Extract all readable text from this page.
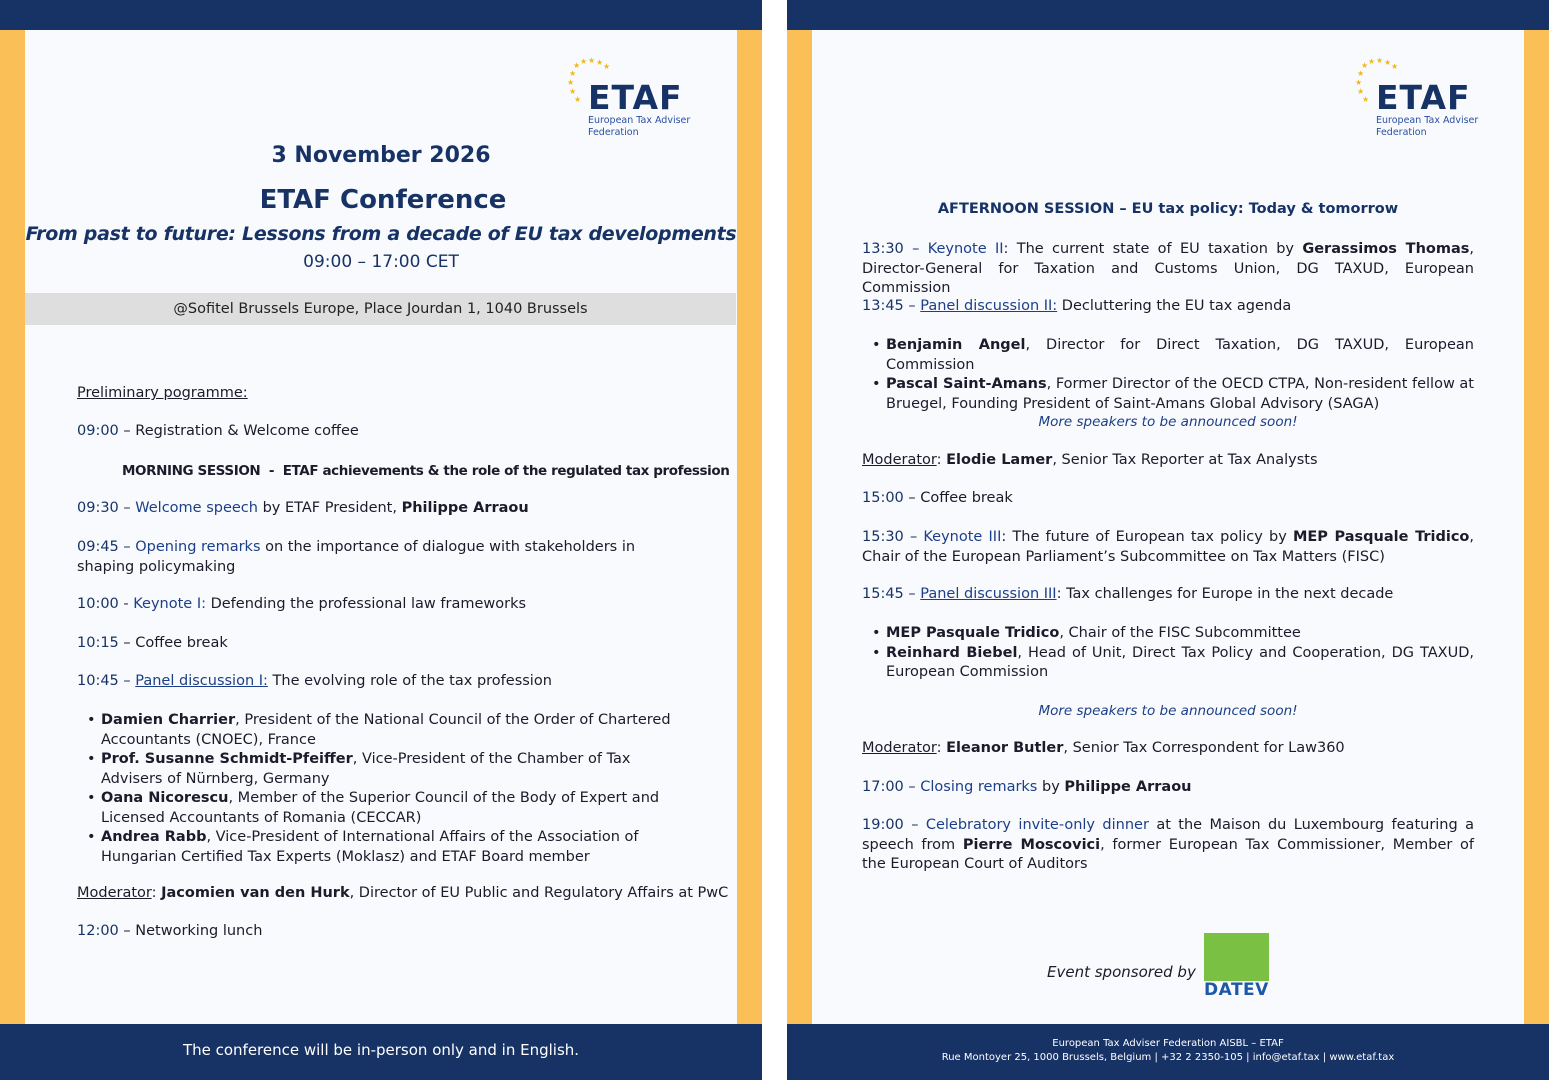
★ ★ ★
★
★
★
★
★
★
ETAF
European Tax Adviser
Federation
3 November 2026
ETAF Conference
From past to future: Lessons from a decade of EU tax developments
09:00 – 17:00 CET
@Sofitel Brussels Europe, Place Jourdan 1, 1040 Brussels
Preliminary pogramme:
09:00 – Registration & Welcome coffee
MORNING SESSION  -  ETAF achievements & the role of the regulated tax profession
09:30 – Welcome speech by ETAF President, Philippe Arraou
09:45 – Opening remarks on the importance of dialogue with stakeholders in shaping policymaking
10:00 - Keynote I: Defending the professional law frameworks
10:15 – Coffee break
10:45 – Panel discussion I: The evolving role of the tax profession
• Damien Charrier, President of the National Council of the Order of Chartered Accountants (CNOEC), France
• Prof. Susanne Schmidt-Pfeiffer, Vice-President of the Chamber of Tax Advisers of Nürnberg, Germany
• Oana Nicorescu, Member of the Superior Council of the Body of Expert and Licensed Accountants of Romania (CECCAR)
• Andrea Rabb, Vice-President of International Affairs of the Association of Hungarian Certified Tax Experts (Moklasz) and ETAF Board member
Moderator: Jacomien van den Hurk, Director of EU Public and Regulatory Affairs at PwC
12:00 – Networking lunch
The conference will be in-person only and in English.
★ ★ ★
★
★
★
★
★
★
ETAF
European Tax Adviser
Federation
AFTERNOON SESSION – EU tax policy: Today & tomorrow
13:30 – Keynote II: The current state of EU taxation by Gerassimos Thomas, Director-General for Taxation and Customs Union, DG TAXUD, European Commission
13:45 – Panel discussion II: Decluttering the EU tax agenda
• Benjamin Angel, Director for Direct Taxation, DG TAXUD, European Commission
• Pascal Saint-Amans, Former Director of the OECD CTPA, Non-resident fellow at Bruegel, Founding President of Saint-Amans Global Advisory (SAGA)
More speakers to be announced soon!
Moderator: Elodie Lamer, Senior Tax Reporter at Tax Analysts
15:00 – Coffee break
15:30 – Keynote III: The future of European tax policy by MEP Pasquale Tridico, Chair of the European Parliament’s Subcommittee on Tax Matters (FISC)
15:45 – Panel discussion III: Tax challenges for Europe in the next decade
• MEP Pasquale Tridico, Chair of the FISC Subcommittee
• Reinhard Biebel, Head of Unit, Direct Tax Policy and Cooperation, DG TAXUD, European Commission
More speakers to be announced soon!
Moderator: Eleanor Butler, Senior Tax Correspondent for Law360
17:00 – Closing remarks by Philippe Arraou
19:00 – Celebratory invite-only dinner at the Maison du Luxembourg featuring a speech from Pierre Moscovici, former European Tax Commissioner, Member of the European Court of Auditors
Event sponsored by
DATEV
European Tax Adviser Federation AISBL – ETAF
Rue Montoyer 25, 1000 Brussels, Belgium | +32 2 2350-105 | info@etaf.tax | www.etaf.tax
